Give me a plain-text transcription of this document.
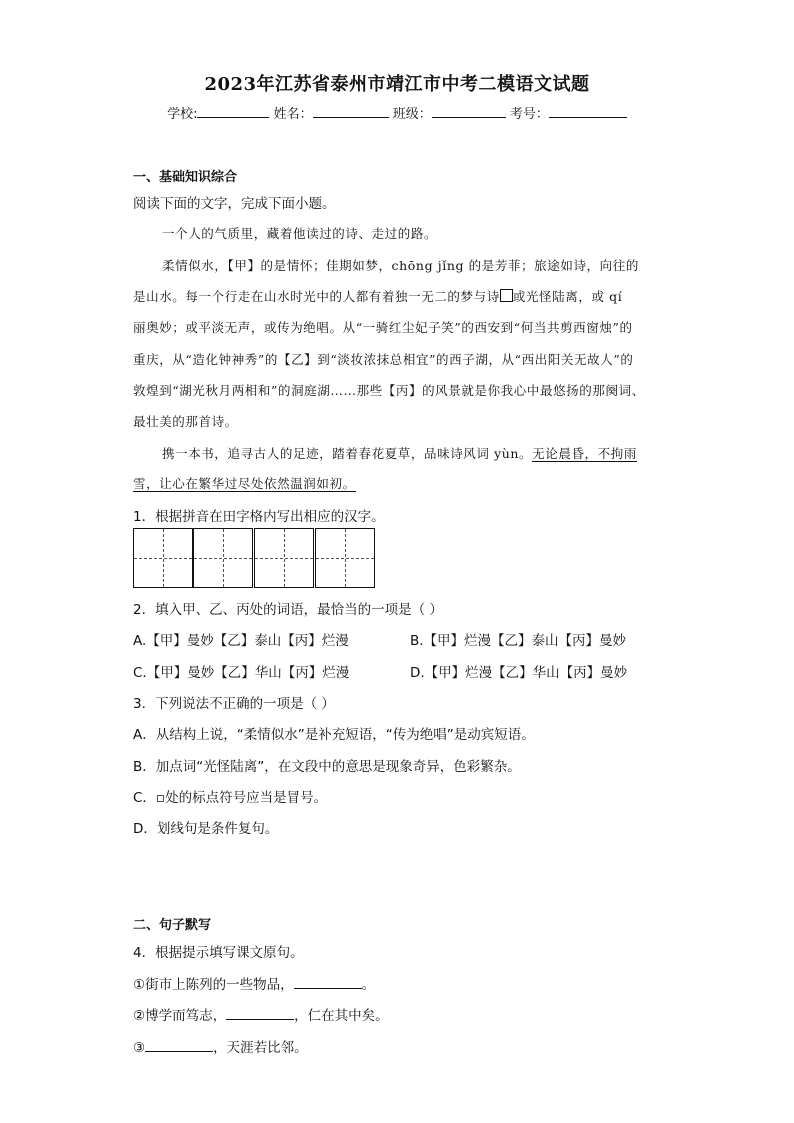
2023年江苏省泰州市靖江市中考二模语文试题
学校:	姓名：	班级：	考号：
一、基础知识综合
阅读下面的文字，完成下面小题。
一个人的气质里，藏着他读过的诗、走过的路。
柔情似水，【甲】的是情怀；佳期如梦，chōng jǐng 的是芳菲；旅途如诗，向往的
是山水。每一个行走在山水时光中的人都有着独一无二的梦与诗 或光怪陆离，或 qí
丽奥妙；或平淡无声，或传为绝唱。从“一骑红尘妃子笑”的西安到“何当共剪西窗烛”的
重庆，从“造化钟神秀”的【乙】到“淡妆浓抹总相宜”的西子湖，从“西出阳关无故人”的
敦煌到“湖光秋月两相和”的洞庭湖……那些【丙】的风景就是你我心中最悠扬的那阕词、
最壮美的那首诗。
携一本书，追寻古人的足迹，踏着春花夏草，品味诗风词 yùn。无论晨昏，不拘雨
雪，让心在繁华过尽处依然温润如初。
1．根据拼音在田字格内写出相应的汉字。
2．填入甲、乙、丙处的词语，最恰当的一项是（ ）
A.【甲】曼妙【乙】泰山【丙】烂漫	B.【甲】烂漫【乙】泰山【丙】曼妙
C.【甲】曼妙【乙】华山【丙】烂漫	D.【甲】烂漫【乙】华山【丙】曼妙
3．下列说法不正确的一项是（ ）
A．从结构上说，“柔情似水”是补充短语，“传为绝唱”是动宾短语。
B．加点词“光怪陆离”，在文段中的意思是现象奇异，色彩繁杂。
C．▫处的标点符号应当是冒号。
D．划线句是条件复句。
二、句子默写
4．根据提示填写课文原句。
①街市上陈列的一些物品，	。
②博学而笃志，	，仁在其中矣。
③	，天涯若比邻。
